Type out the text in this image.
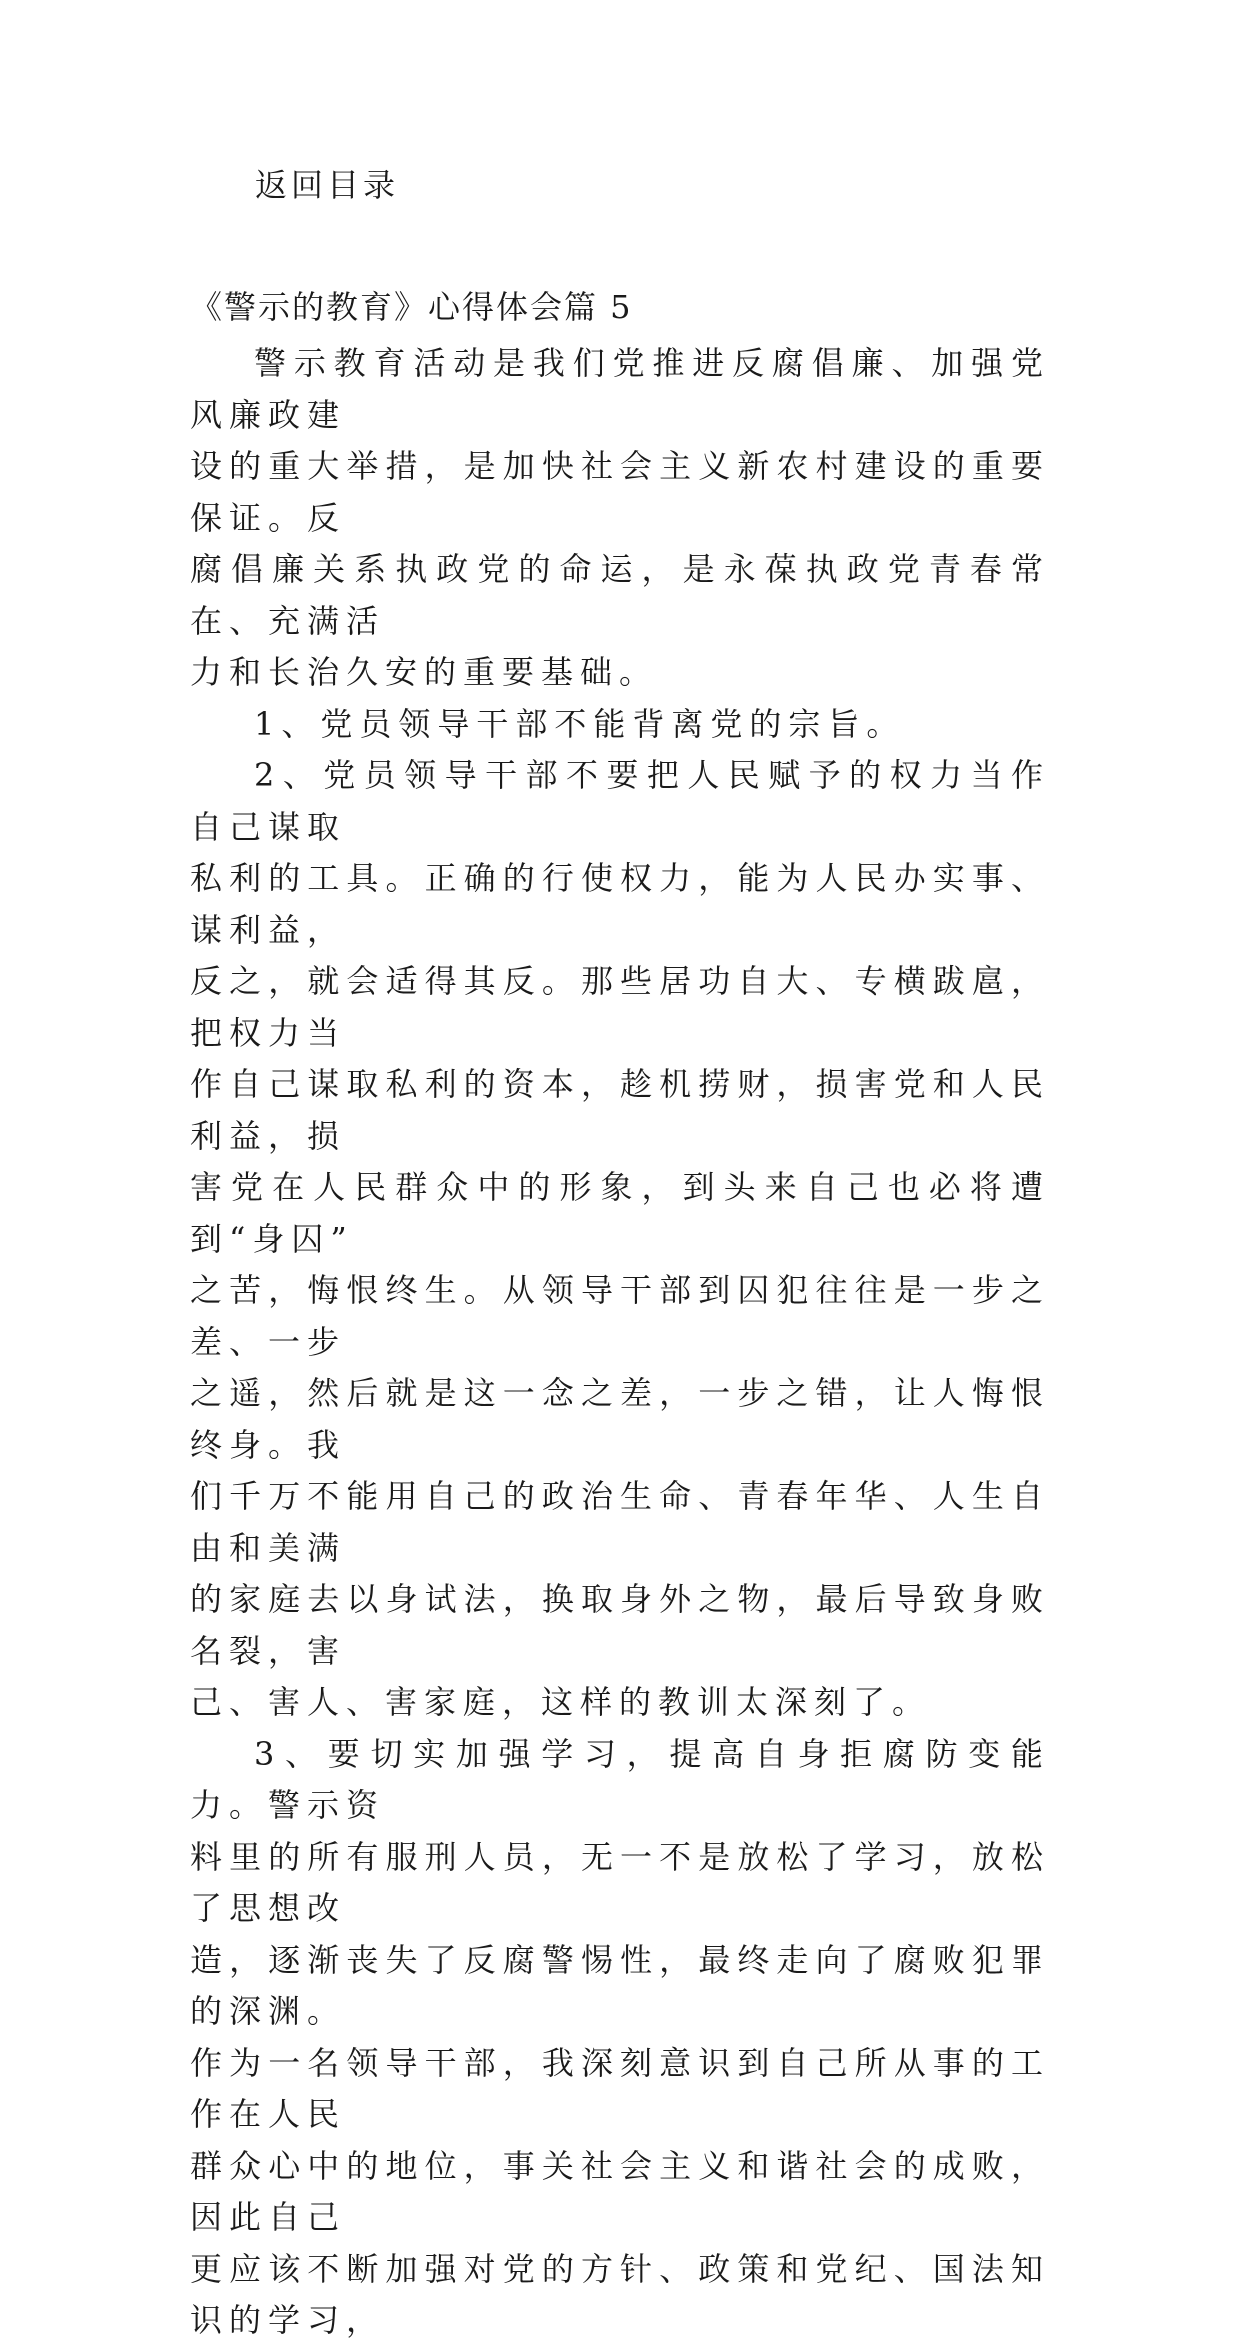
返回目录
《警示的教育》心得体会篇 5

警示教育活动是我们党推进反腐倡廉、加强党风廉政建
设的重大举措，是加快社会主义新农村建设的重要保证。反
腐倡廉关系执政党的命运，是永葆执政党青春常在、充满活
力和长治久安的重要基础。

1、党员领导干部不能背离党的宗旨。

2、党员领导干部不要把人民赋予的权力当作自己谋取
私利的工具。正确的行使权力，能为人民办实事、谋利益，
反之，就会适得其反。那些居功自大、专横跋扈，把权力当
作自己谋取私利的资本，趁机捞财，损害党和人民利益，损
害党在人民群众中的形象，到头来自己也必将遭到“身囚”
之苦，悔恨终生。从领导干部到囚犯往往是一步之差、一步
之遥，然后就是这一念之差，一步之错，让人悔恨终身。我
们千万不能用自己的政治生命、青春年华、人生自由和美满
的家庭去以身试法，换取身外之物，最后导致身败名裂，害
己、害人、害家庭，这样的教训太深刻了。

3、要切实加强学习，提高自身拒腐防变能力。警示资
料里的所有服刑人员，无一不是放松了学习，放松了思想改
造，逐渐丧失了反腐警惕性，最终走向了腐败犯罪的深渊。
作为一名领导干部，我深刻意识到自己所从事的工作在人民
群众心中的地位，事关社会主义和谐社会的成败，因此自己
更应该不断加强对党的方针、政策和党纪、国法知识的学习，
